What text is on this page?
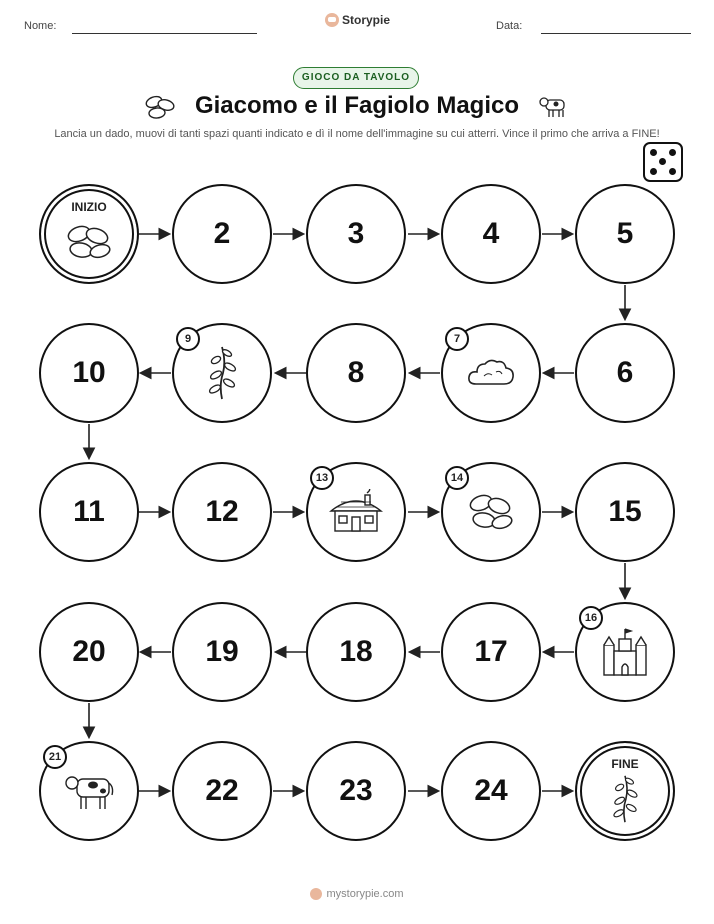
Nome:	Storypie	Data:
GIOCO DA TAVOLO
Giacomo e il Fagiolo Magico
Lancia un dado, muovi di tanti spazi quanti indicato e dì il nome dell'immagine su cui atterri. Vince il primo che arriva a FINE!
INIZIO
2	3	4	5
6
7
8
9
10
11	12
13	14
15
16
17
18
19
20
21
22	23	24
FINE
mystorypie.com
